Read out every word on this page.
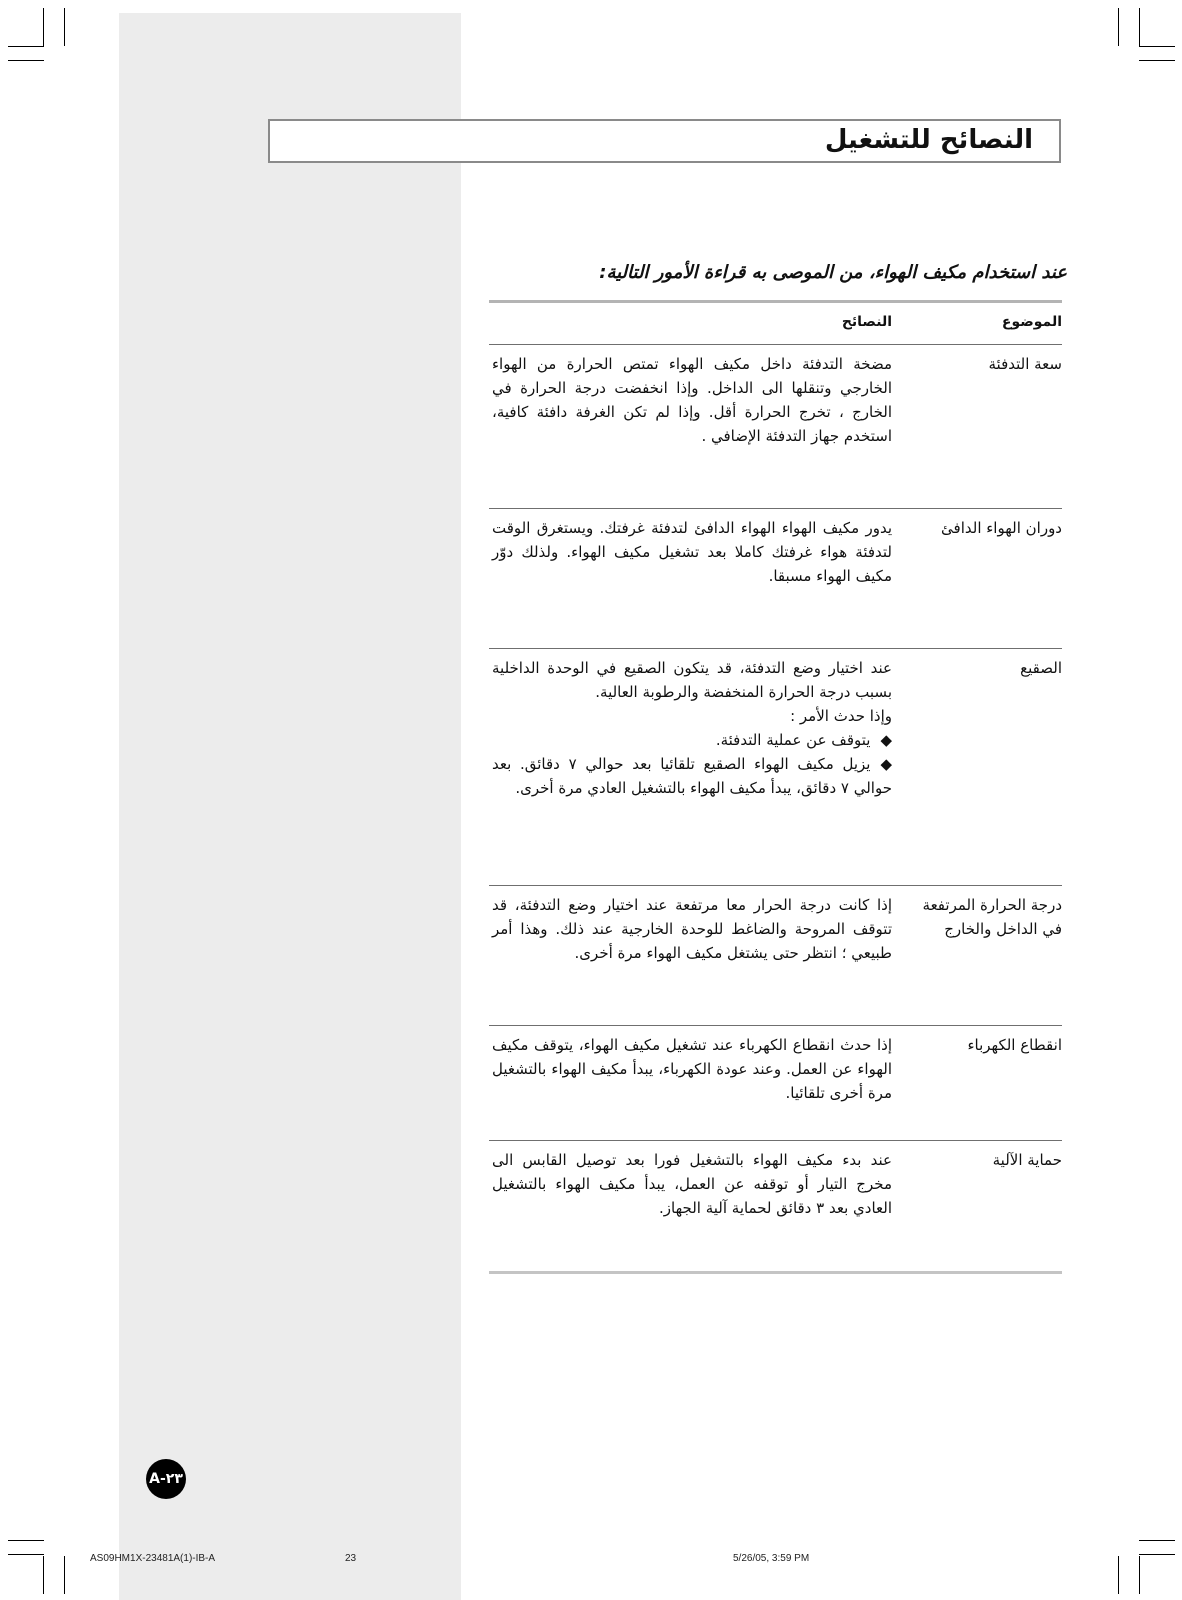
النصائح للتشغيل
عند استخدام مكيف الهواء، من الموصى به قراءة الأمور التالية:
الموضوع
النصائح
سعة التدفئة
مضخة التدفئة داخل مكيف الهواء تمتص الحرارة من الهواء الخارجي وتنقلها الى الداخل. وإذا انخفضت درجة الحرارة في الخارج ، تخرج الحرارة أقل. وإذا لم تكن الغرفة دافئة كافية، استخدم جهاز التدفئة الإضافي .
دوران الهواء الدافئ
يدور مكيف الهواء الهواء الدافئ لتدفئة غرفتك. ويستغرق الوقت لتدفئة هواء غرفتك كاملا بعد تشغيل مكيف الهواء. ولذلك دوّر مكيف الهواء مسبقا.
الصقيع
عند اختيار وضع التدفئة، قد يتكون الصقيع في الوحدة الداخلية بسبب درجة الحرارة المنخفضة والرطوبة العالية.
وإذا حدث الأمر :
◆يتوقف عن عملية التدفئة.
◆يزيل مكيف الهواء الصقيع تلقائيا بعد حوالي ٧ دقائق. بعد حوالي ٧ دقائق، يبدأ مكيف الهواء بالتشغيل العادي مرة أخرى.
درجة الحرارة المرتفعة في الداخل والخارج
إذا كانت درجة الحرار معا مرتفعة عند اختيار وضع التدفئة، قد تتوقف المروحة والضاغط للوحدة الخارجية عند ذلك. وهذا أمر طبيعي ؛ انتظر حتى يشتغل مكيف الهواء مرة أخرى.
انقطاع الكهرباء
إذا حدث انقطاع الكهرباء عند تشغيل مكيف الهواء، يتوقف مكيف الهواء عن العمل. وعند عودة الكهرباء، يبدأ مكيف الهواء بالتشغيل مرة أخرى تلقائيا.
حماية الآلية
عند بدء مكيف الهواء بالتشغيل فورا بعد توصيل القابس الى مخرج التيار أو توقفه عن العمل، يبدأ مكيف الهواء بالتشغيل العادي بعد ٣ دقائق لحماية آلية الجهاز.
A-٢٣
AS09HM1X-23481A(1)-IB-A	23	5/26/05, 3:59 PM
